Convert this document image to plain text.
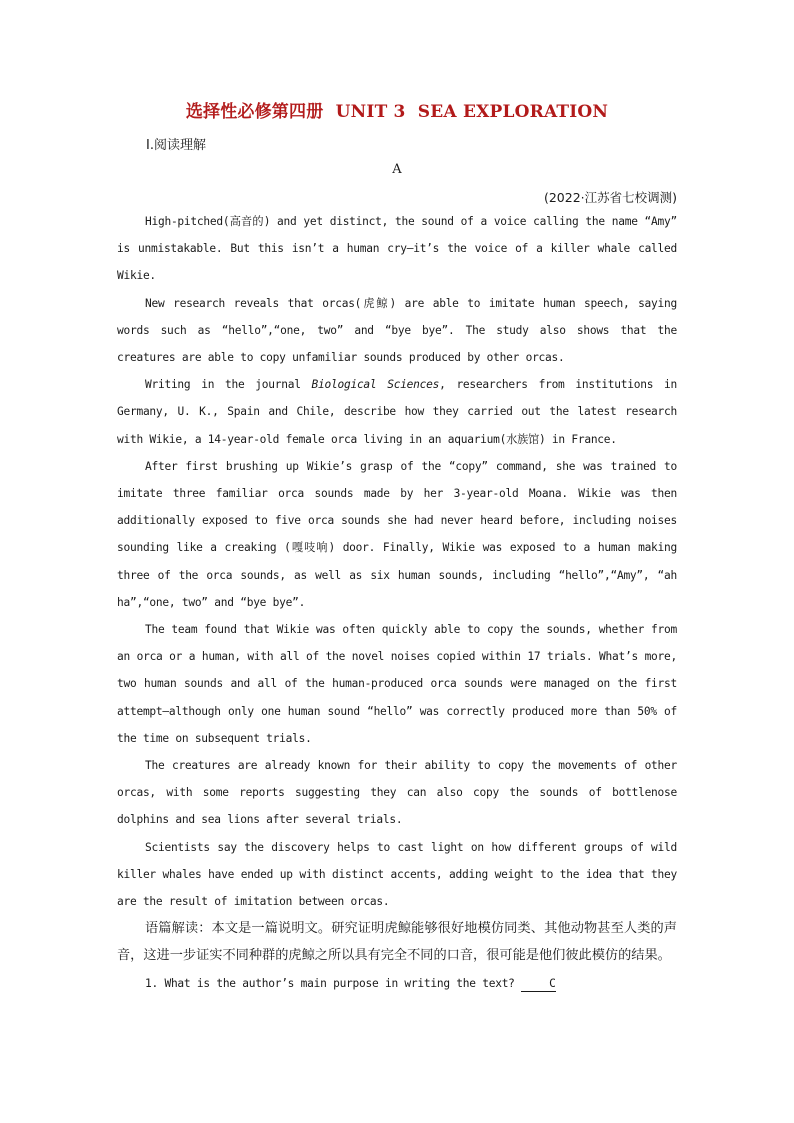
选择性必修第四册  UNIT 3  SEA EXPLORATION
Ⅰ.阅读理解
A
(2022·江苏省七校调测)

High-pitched(高音的) and yet distinct, the sound of a voice calling the name “Amy” is unmistakable. But this isn’t a human cry—it’s the voice of a killer whale called Wikie.

New research reveals that orcas(虎鲸) are able to imitate human speech, saying words such as “hello”,“one, two” and “bye bye”. The study also shows that the creatures are able to copy unfamiliar sounds produced by other orcas.

Writing in the journal Biological Sciences, researchers from institutions in Germany, U. K., Spain and Chile, describe how they carried out the latest research with Wikie, a 14-year-old female orca living in an aquarium(水族馆) in France.

After first brushing up Wikie’s grasp of the “copy” command, she was trained to imitate three familiar orca sounds made by her 3-year-old Moana. Wikie was then additionally exposed to five orca sounds she had never heard before, including noises sounding like a creaking (嘎吱响) door. Finally, Wikie was exposed to a human making three of the orca sounds, as well as six human sounds, including “hello”,“Amy”, “ah ha”,“one, two” and “bye bye”.

The team found that Wikie was often quickly able to copy the sounds, whether from an orca or a human, with all of the novel noises copied within 17 trials. What’s more, two human sounds and all of the human-produced orca sounds were managed on the first attempt—although only one human sound “hello” was correctly produced more than 50% of the time on subsequent trials.

The creatures are already known for their ability to copy the movements of other orcas, with some reports suggesting they can also copy the sounds of bottlenose dolphins and sea lions after several trials.

Scientists say the discovery helps to cast light on how different groups of wild killer whales have ended up with distinct accents, adding weight to the idea that they are the result of imitation between orcas.

语篇解读：本文是一篇说明文。研究证明虎鲸能够很好地模仿同类、其他动物甚至人类的声音，这进一步证实不同种群的虎鲸之所以具有完全不同的口音，很可能是他们彼此模仿的结果。

1. What is the author’s main purpose in writing the text?	C
